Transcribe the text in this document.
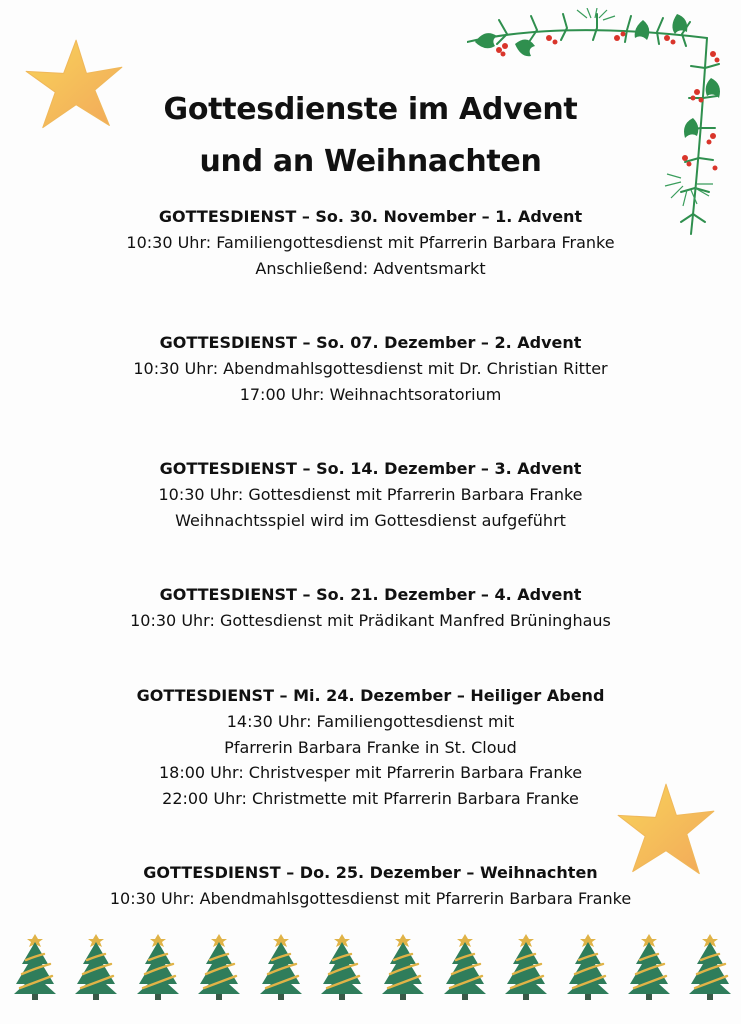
Gottesdienste im Advent
und an Weihnachten
GOTTESDIENST – So. 30. November – 1. Advent
10:30 Uhr: Familiengottesdienst mit Pfarrerin Barbara Franke
Anschließend: Adventsmarkt
GOTTESDIENST – So. 07. Dezember – 2. Advent
10:30 Uhr: Abendmahlsgottesdienst mit Dr. Christian Ritter
17:00 Uhr: Weihnachtsoratorium
GOTTESDIENST – So. 14. Dezember – 3. Advent
10:30 Uhr: Gottesdienst mit Pfarrerin Barbara Franke
Weihnachtsspiel wird im Gottesdienst aufgeführt
GOTTESDIENST – So. 21. Dezember – 4. Advent
10:30 Uhr: Gottesdienst mit Prädikant Manfred Brüninghaus
GOTTESDIENST – Mi. 24. Dezember – Heiliger Abend
14:30 Uhr: Familiengottesdienst mit
Pfarrerin Barbara Franke in St. Cloud
18:00 Uhr: Christvesper mit Pfarrerin Barbara Franke
22:00 Uhr: Christmette mit Pfarrerin Barbara Franke
GOTTESDIENST – Do. 25. Dezember – Weihnachten
10:30 Uhr: Abendmahlsgottesdienst mit Pfarrerin Barbara Franke
